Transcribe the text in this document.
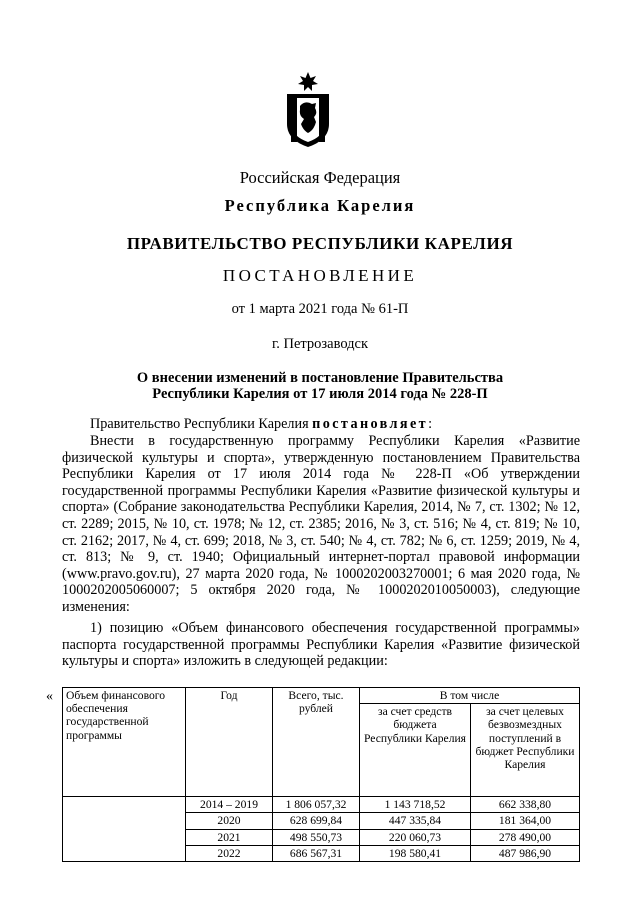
Российская Федерация
Республика Карелия
ПРАВИТЕЛЬСТВО РЕСПУБЛИКИ КАРЕЛИЯ
ПОСТАНОВЛЕНИЕ
от 1 марта 2021 года № 61-П
г. Петрозаводск
О внесении изменений в постановление Правительства
Республики Карелия от 17 июля 2014 года № 228-П
Правительство Республики Карелия постановляет:
Внести в государственную программу Республики Карелия «Развитие физической культуры и спорта», утвержденную постановлением Правительства Республики Карелия от 17 июля 2014 года № 228-П «Об утверждении государственной программы Республики Карелия «Развитие физической культуры и спорта» (Собрание законодательства Республики Карелия, 2014, № 7, ст. 1302; № 12, ст. 2289; 2015, № 10, ст. 1978; № 12, ст. 2385; 2016, № 3, ст. 516; № 4, ст. 819; № 10, ст. 2162; 2017, № 4, ст. 699; 2018, № 3, ст. 540; № 4, ст. 782; № 6, ст. 1259; 2019, № 4, ст. 813; № 9, ст. 1940; Официальный интернет-портал правовой информации (www.pravo.gov.ru), 27 марта 2020 года, № 1000202003270001; 6 мая 2020 года, № 1000202005060007; 5 октября 2020 года, № 1000202010050003), следующие изменения:
1) позицию «Объем финансового обеспечения государственной программы» паспорта государственной программы Республики Карелия «Развитие физической культуры и спорта» изложить в следующей редакции:
« Объем финансового обеспечения государственной программы	Год	Всего, тыс. рублей	В том числе	
			за счет средств бюджета Республики Карелия	за счет целевых безвозмездных поступлений в бюджет Республики Карелия
	2014 – 2019	1 806 057,32	1 143 718,52	662 338,80
	2020	628 699,84	447 335,84	181 364,00
	2021	498 550,73	220 060,73	278 490,00
	2022	686 567,31	198 580,41	487 986,90
